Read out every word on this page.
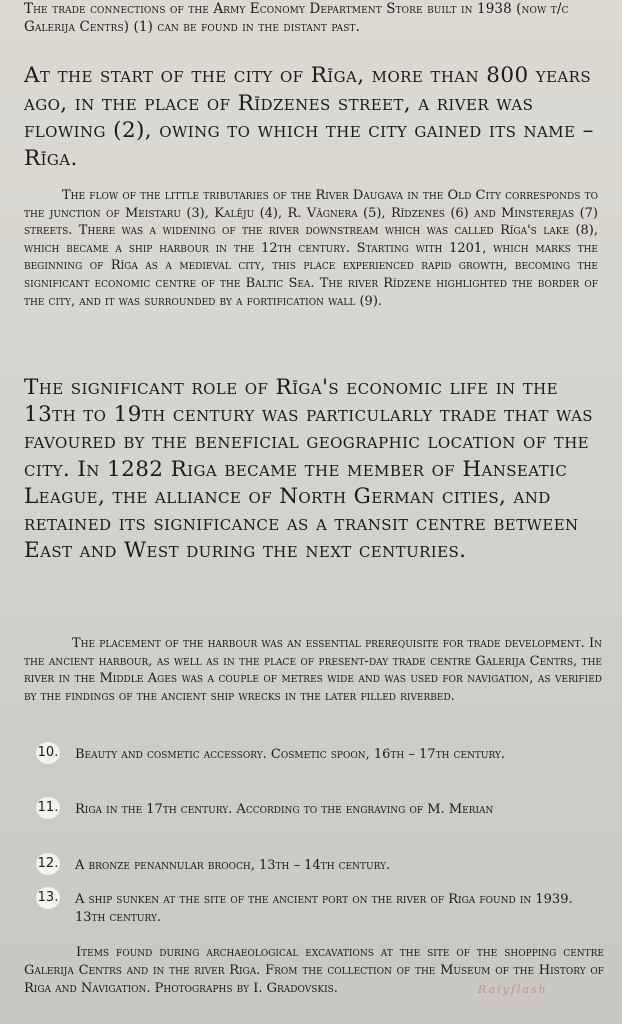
The trade connections of the Army Economy Department Store built in 1938 (now t/c Galerija Centrs) (1) can be found in the distant past.

At the start of the city of Rīga, more than 800 years ago, in the place of Rīdzenes street, a river was flowing (2), owing to which the city gained its name – Rīga.

The flow of the little tributaries of the River Daugava in the Old City corresponds to the junction of Meistaru (3), Kalēju (4), R. Vāgnera (5), Rīdzenes (6) and Minsterejas (7) streets. There was a widening of the river downstream which was called Rīga's lake (8), which became a ship harbour in the 12th century. Starting with 1201, which marks the beginning of Rīga as a medieval city, this place experienced rapid growth, becoming the significant economic centre of the Baltic Sea. The river Rīdzene highlighted the border of the city, and it was surrounded by a fortification wall (9).

The significant role of Rīga's economic life in the 13th to 19th century was particularly trade that was favoured by the beneficial geographic location of the city. In 1282 Riga became the member of Hanseatic League, the alliance of North German cities, and retained its significance as a transit centre between East and West during the next centuries.

The placement of the harbour was an essential prerequisite for trade development. In the ancient harbour, as well as in the place of present-day trade centre Galerija Centrs, the river in the Middle Ages was a couple of metres wide and was used for navigation, as verified by the findings of the ancient ship wrecks in the later filled riverbed.

10. Beauty and cosmetic accessory. Cosmetic spoon, 16th – 17th century.
11. Riga in the 17th century. According to the engraving of M. Merian
12. A bronze penannular brooch, 13th – 14th century.
13. A ship sunken at the site of the ancient port on the river of Riga found in 1939. 13th century.

Items found during archaeological excavations at the site of the shopping centre Galerija Centrs and in the river Riga. From the collection of the Museum of the History of Riga and Navigation. Photographs by I. Gradovskis.	Raiyflash
